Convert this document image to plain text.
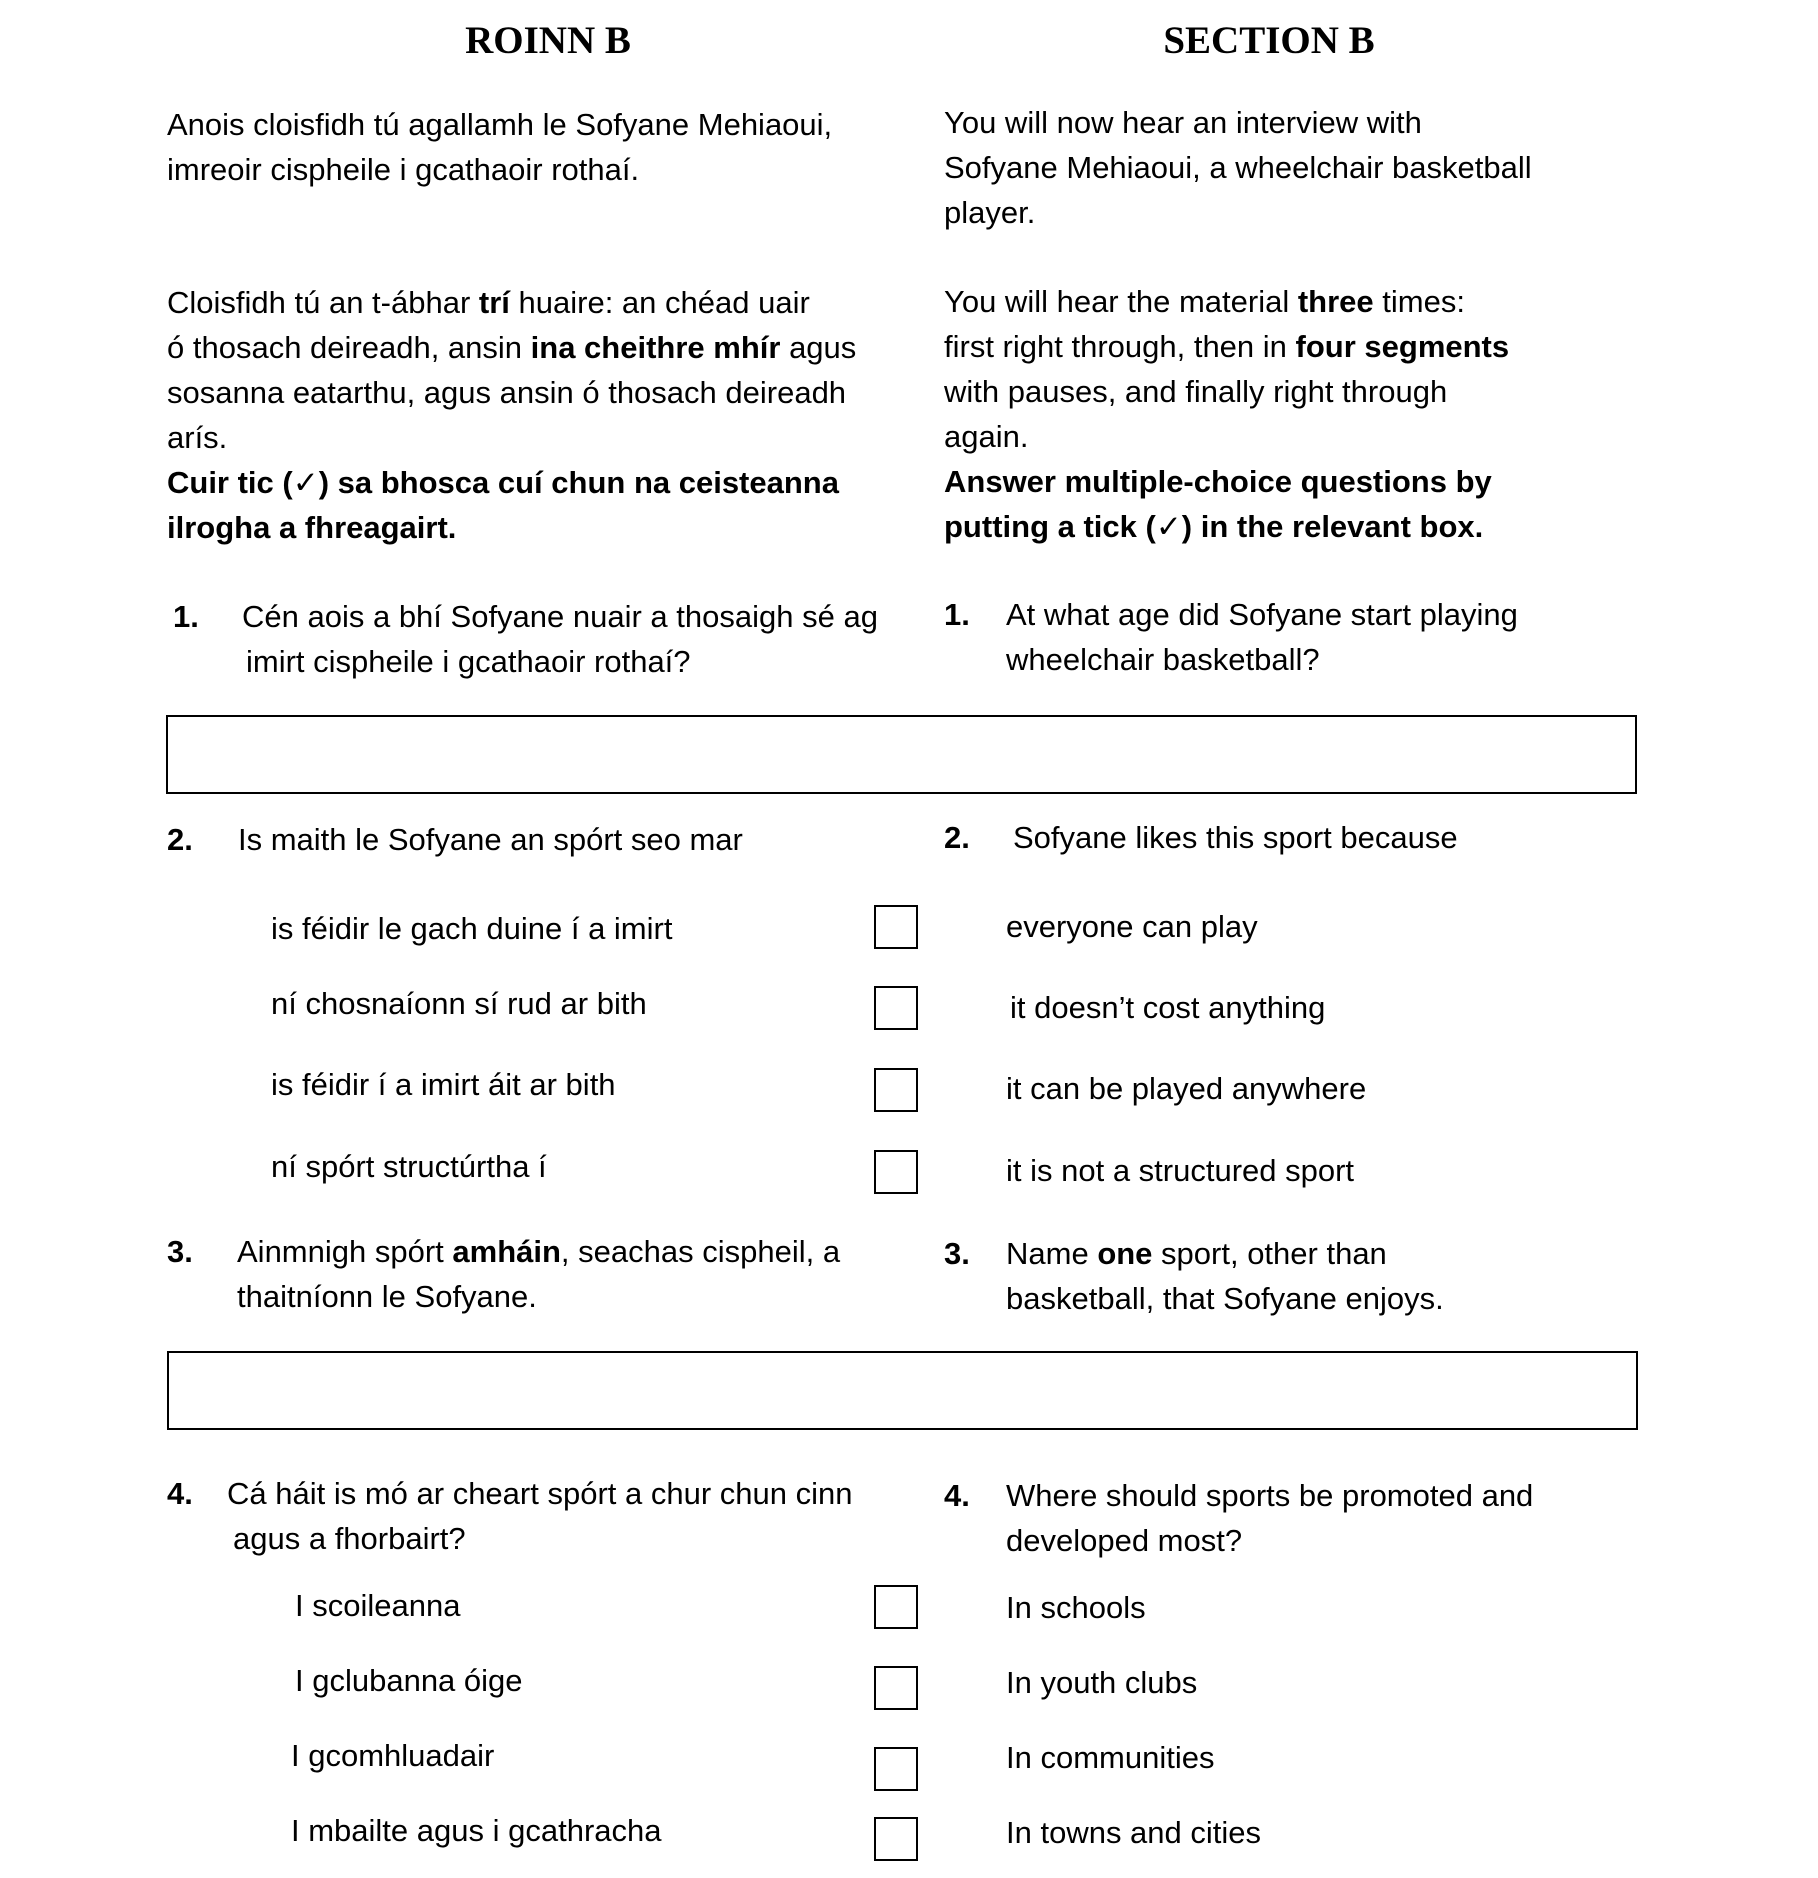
ROINN B	SECTION B
Anois cloisfidh tú agallamh le Sofyane Mehiaoui,
imreoir cispheile i gcathaoir rothaí.
You will now hear an interview with
Sofyane Mehiaoui, a wheelchair basketball
player.
Cloisfidh tú an t-ábhar trí huaire: an chéad uair
ó thosach deireadh, ansin ina cheithre mhír agus
sosanna eatarthu, agus ansin ó thosach deireadh
arís.
Cuir tic (✓) sa bhosca cuí chun na ceisteanna
ilrogha a fhreagairt.
You will hear the material three times:
first right through, then in four segments
with pauses, and finally right through
again.
Answer multiple-choice questions by
putting a tick (✓) in the relevant box.
1. Cén aois a bhí Sofyane nuair a thosaigh sé ag
imirt cispheile i gcathaoir rothaí?
1. At what age did Sofyane start playing
wheelchair basketball?
2. Is maith le Sofyane an spórt seo mar	2. Sofyane likes this sport because
is féidir le gach duine í a imirt	everyone can play
ní chosnaíonn sí rud ar bith	it doesn’t cost anything
is féidir í a imirt áit ar bith	it can be played anywhere
ní spórt structúrtha í	it is not a structured sport
3. Ainmnigh spórt amháin, seachas cispheil, a
thaitníonn le Sofyane.
3. Name one sport, other than
basketball, that Sofyane enjoys.
4. Cá háit is mó ar cheart spórt a chur chun cinn
agus a fhorbairt?
4. Where should sports be promoted and
developed most?
I scoileanna	In schools
I gclubanna óige	In youth clubs
I gcomhluadair	In communities
I mbailte agus i gcathracha	In towns and cities
